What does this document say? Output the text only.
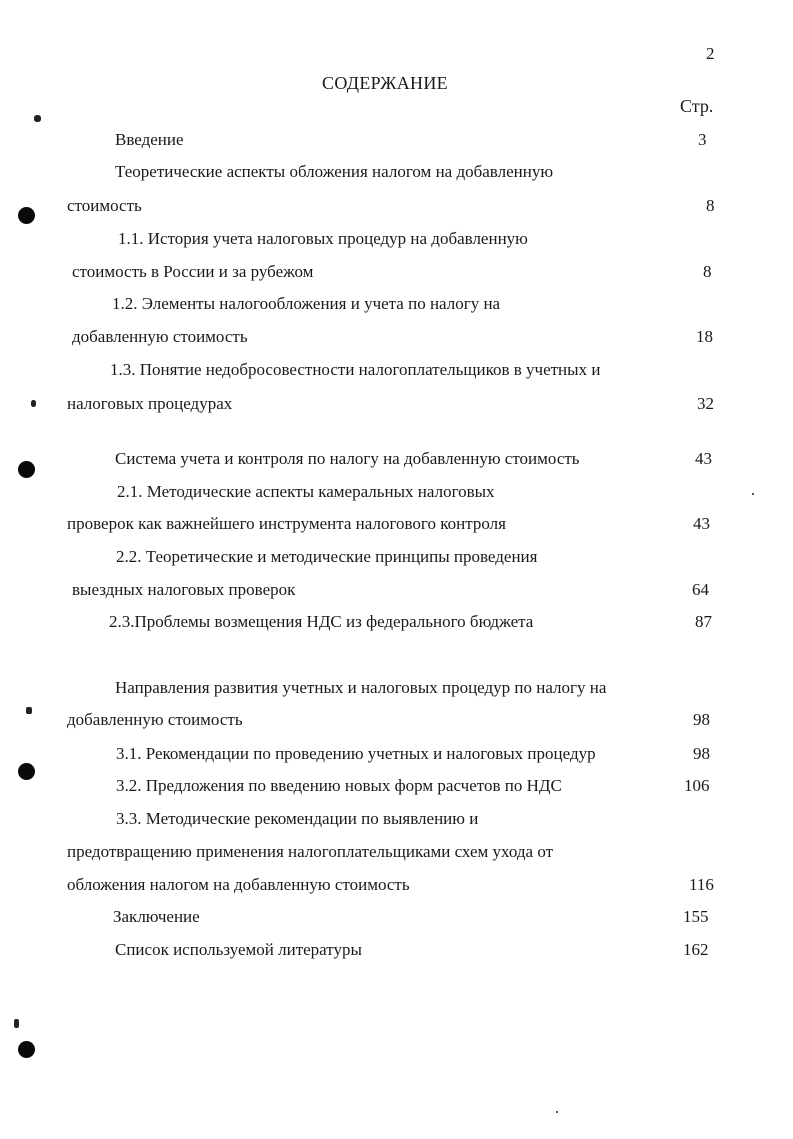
2
СОДЕРЖАНИЕ
Стр.
Введение	3
Теоретические аспекты обложения налогом на добавленную
стоимость	8
1.1. История учета налоговых процедур на добавленную
стоимость в России и за рубежом	8
1.2. Элементы налогообложения и учета по налогу на
добавленную стоимость	18
1.3. Понятие недобросовестности налогоплательщиков в учетных и
налоговых процедурах	32
Система учета и контроля по налогу на добавленную стоимость	43
2.1. Методические аспекты камеральных налоговых
проверок как важнейшего инструмента налогового контроля	43
2.2. Теоретические и методические принципы проведения
выездных налоговых проверок	64
2.3.Проблемы возмещения НДС из федерального бюджета	87
Направления развития учетных и налоговых процедур по налогу на
добавленную стоимость	98
3.1. Рекомендации по проведению учетных и налоговых процедур	98
3.2. Предложения по введению новых форм расчетов по НДС	106
3.3. Методические рекомендации по выявлению и
предотвращению применения налогоплательщиками схем ухода от
обложения налогом на добавленную стоимость	116
Заключение	155
Список используемой литературы	162
